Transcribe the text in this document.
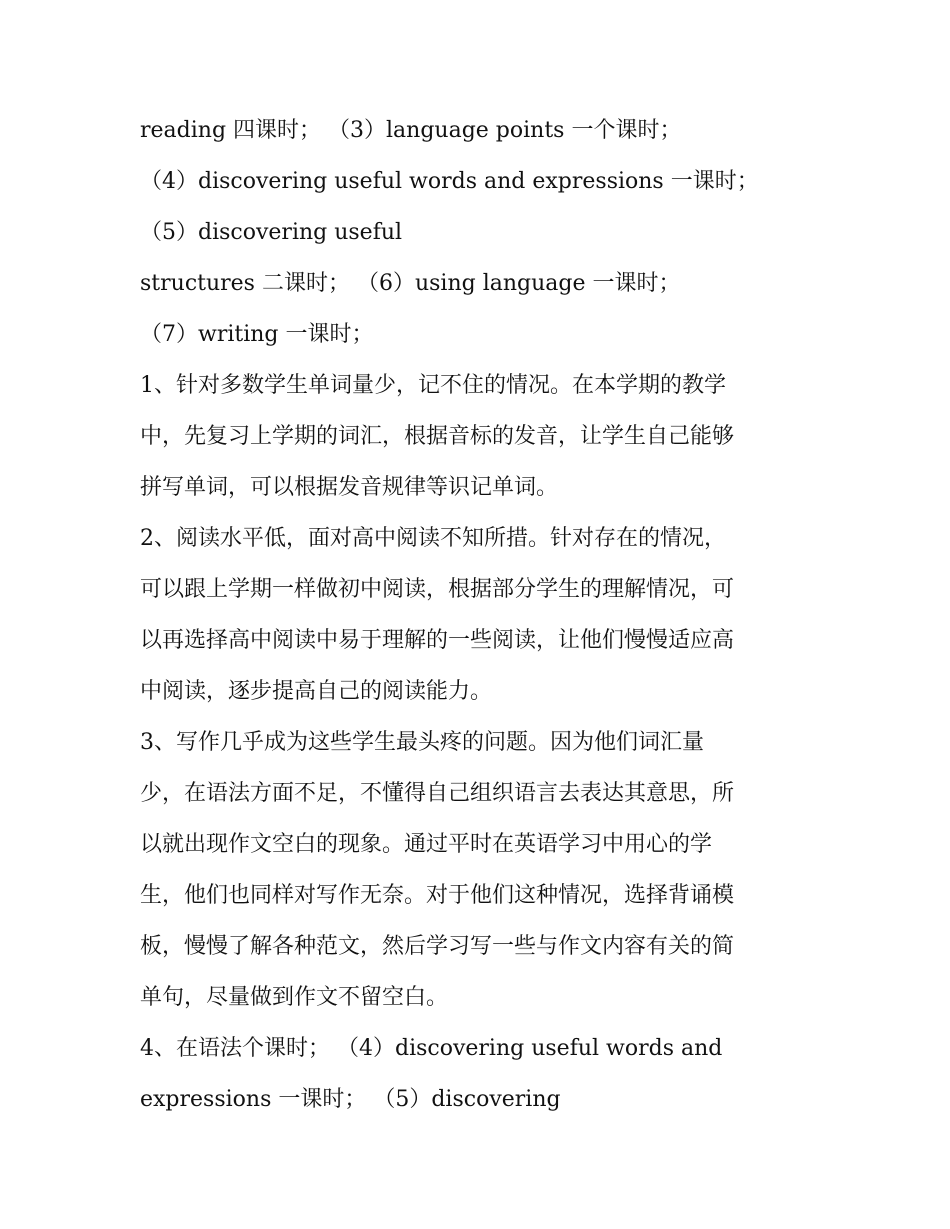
reading 四课时； （3）language points 一个课时；
（4）discovering useful words and expressions 一课时；
（5）discovering useful
structures 二课时； （6）using language 一课时；
（7）writing 一课时；
1、针对多数学生单词量少，记不住的情况。在本学期的教学
中，先复习上学期的词汇，根据音标的发音，让学生自己能够
拼写单词，可以根据发音规律等识记单词。
2、阅读水平低，面对高中阅读不知所措。针对存在的情况，
可以跟上学期一样做初中阅读，根据部分学生的理解情况，可
以再选择高中阅读中易于理解的一些阅读，让他们慢慢适应高
中阅读，逐步提高自己的阅读能力。
3、写作几乎成为这些学生最头疼的问题。因为他们词汇量
少，在语法方面不足，不懂得自己组织语言去表达其意思，所
以就出现作文空白的现象。通过平时在英语学习中用心的学
生，他们也同样对写作无奈。对于他们这种情况，选择背诵模
板，慢慢了解各种范文，然后学习写一些与作文内容有关的简
单句，尽量做到作文不留空白。
4、在语法个课时； （4）discovering useful words and
expressions 一课时； （5）discovering
